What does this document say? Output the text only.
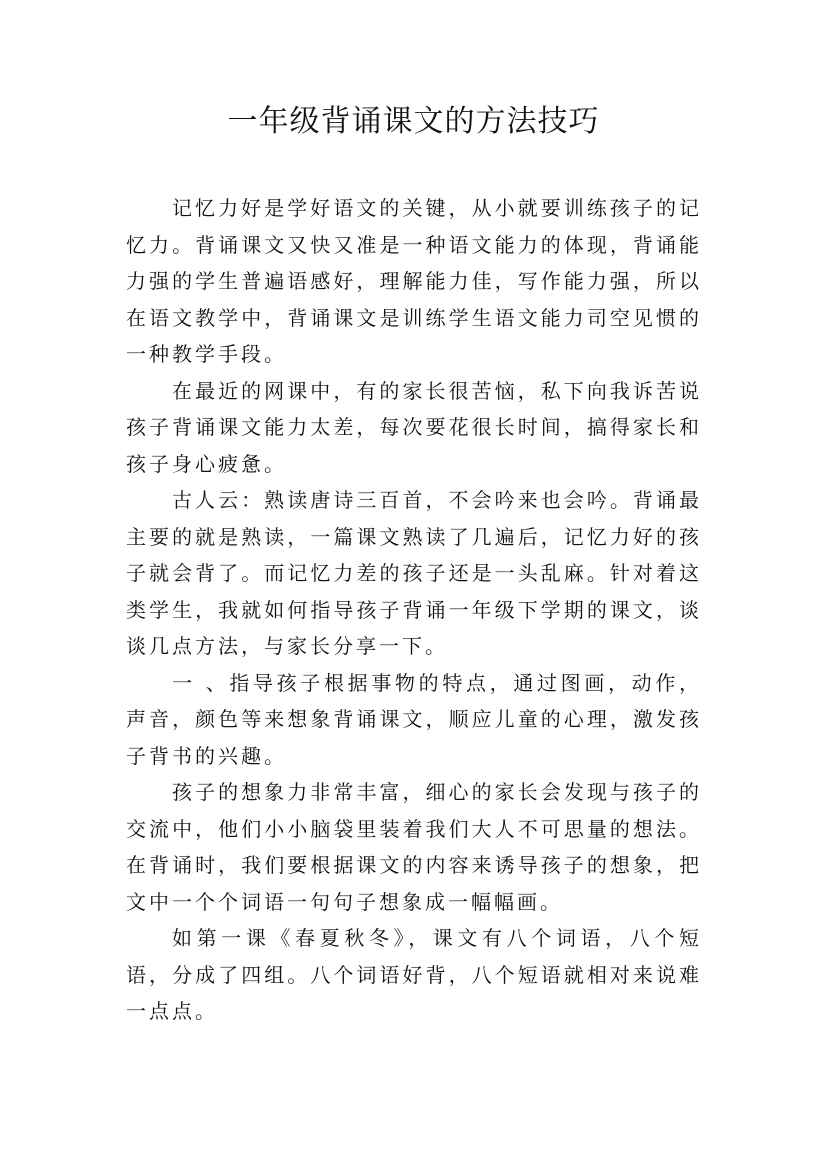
一年级背诵课文的方法技巧

记忆力好是学好语文的关键，从小就要训练孩子的记忆力。背诵课文又快又准是一种语文能力的体现，背诵能力强的学生普遍语感好，理解能力佳，写作能力强，所以在语文教学中，背诵课文是训练学生语文能力司空见惯的一种教学手段。

在最近的网课中，有的家长很苦恼，私下向我诉苦说孩子背诵课文能力太差，每次要花很长时间，搞得家长和孩子身心疲惫。

古人云：熟读唐诗三百首，不会吟来也会吟。背诵最主要的就是熟读，一篇课文熟读了几遍后，记忆力好的孩子就会背了。而记忆力差的孩子还是一头乱麻。针对着这类学生，我就如何指导孩子背诵一年级下学期的课文，谈谈几点方法，与家长分享一下。

一 、指导孩子根据事物的特点，通过图画，动作，声音，颜色等来想象背诵课文，顺应儿童的心理，激发孩子背书的兴趣。

孩子的想象力非常丰富，细心的家长会发现与孩子的交流中，他们小小脑袋里装着我们大人不可思量的想法。在背诵时，我们要根据课文的内容来诱导孩子的想象，把文中一个个词语一句句子想象成一幅幅画。

如第一课《春夏秋冬》，课文有八个词语，八个短语，分成了四组。八个词语好背，八个短语就相对来说难一点点。
